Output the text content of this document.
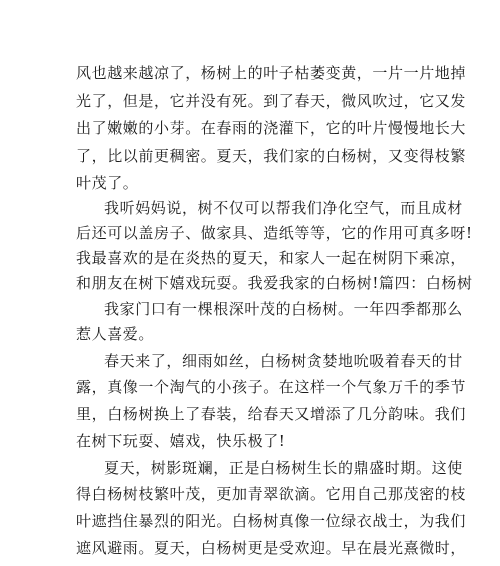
风也越来越凉了，杨树上的叶子枯萎变黄，一片一片地掉
光了，但是，它并没有死。到了春天，微风吹过，它又发
出了嫩嫩的小芽。在春雨的浇灌下，它的叶片慢慢地长大
了，比以前更稠密。夏天，我们家的白杨树，又变得枝繁
叶茂了。
我听妈妈说，树不仅可以帮我们净化空气，而且成材
后还可以盖房子、做家具、造纸等等，它的作用可真多呀!
我最喜欢的是在炎热的夏天，和家人一起在树阴下乘凉，
和朋友在树下嬉戏玩耍。我爱我家的白杨树!篇四：白杨树
我家门口有一棵根深叶茂的白杨树。一年四季都那么
惹人喜爱。
春天来了，细雨如丝，白杨树贪婪地吮吸着春天的甘
露，真像一个淘气的小孩子。在这样一个气象万千的季节
里，白杨树换上了春装，给春天又增添了几分韵味。我们
在树下玩耍、嬉戏，快乐极了!
夏天，树影斑斓，正是白杨树生长的鼎盛时期。这使
得白杨树枝繁叶茂，更加青翠欲滴。它用自己那茂密的枝
叶遮挡住暴烈的阳光。白杨树真像一位绿衣战士，为我们
遮风避雨。夏天，白杨树更是受欢迎。早在晨光熹微时，
